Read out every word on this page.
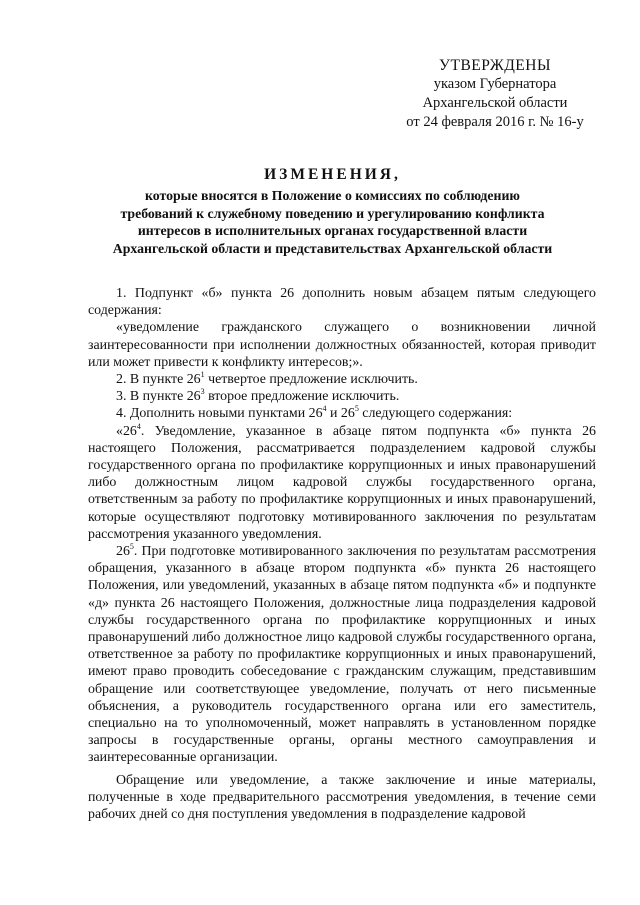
УТВЕРЖДЕНЫ
указом Губернатора
Архангельской области
от 24 февраля 2016 г. № 16-у
ИЗМЕНЕНИЯ,
которые вносятся в Положение о комиссиях по соблюдению
требований к служебному поведению и урегулированию конфликта
интересов в исполнительных органах государственной власти
Архангельской области и представительствах Архангельской области

1. Подпункт «б» пункта 26 дополнить новым абзацем пятым следующего содержания:

«уведомление гражданского служащего о возникновении личной заинтересованности при исполнении должностных обязанностей, которая приводит или может привести к конфликту интересов;».

2. В пункте $26^1$ четвертое предложение исключить.

3. В пункте $26^3$ второе предложение исключить.

4. Дополнить новыми пунктами $26^4$ и $26^5$ следующего содержания:

«$26^4$. Уведомление, указанное в абзаце пятом подпункта «б» пункта 26 настоящего Положения, рассматривается подразделением кадровой службы государственного органа по профилактике коррупционных и иных правонарушений либо должностным лицом кадровой службы государственного органа, ответственным за работу по профилактике коррупционных и иных правонарушений, которые осуществляют подготовку мотивированного заключения по результатам рассмотрения указанного уведомления.

$26^5$. При подготовке мотивированного заключения по результатам рассмотрения обращения, указанного в абзаце втором подпункта «б» пункта 26 настоящего Положения, или уведомлений, указанных в абзаце пятом подпункта «б» и подпункте «д» пункта 26 настоящего Положения, должностные лица подразделения кадровой службы государственного органа по профилактике коррупционных и иных правонарушений либо должностное лицо кадровой службы государственного органа, ответственное за работу по профилактике коррупционных и иных правонарушений, имеют право проводить собеседование с гражданским служащим, представившим обращение или соответствующее уведомление, получать от него письменные объяснения, а руководитель государственного органа или его заместитель, специально на то уполномоченный, может направлять в установленном порядке запросы в государственные органы, органы местного самоуправления и заинтересованные организации.

Обращение или уведомление, а также заключение и иные материалы, полученные в ходе предварительного рассмотрения уведомления, в течение семи рабочих дней со дня поступления уведомления в подразделение кадровой
